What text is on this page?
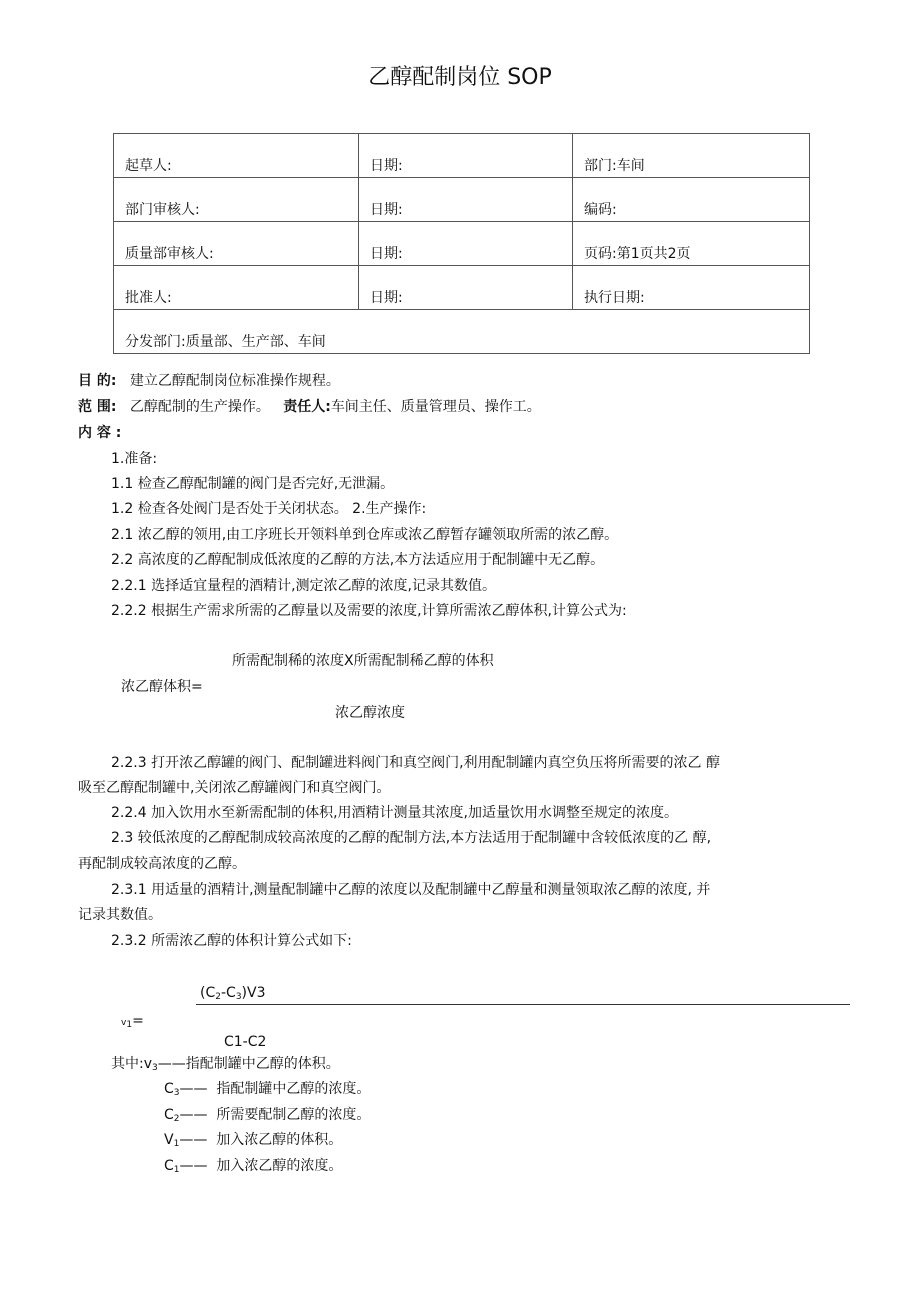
乙醇配制岗位 SOP
起草人:	日期:	部门:车间
部门审核人:	日期:	编码:
质量部审核人:	日期:	页码:第1页共2页
批准人:	日期:	执行日期:
分发部门:质量部、生产部、车间		
目 的: 建立乙醇配制岗位标准操作规程。
范 围: 乙醇配制的生产操作。 责任人:车间主任、质量管理员、操作工。
内 容 :
1.准备:
1.1 检查乙醇配制罐的阀门是否完好,无泄漏。
1.2 检查各处阀门是否处于关闭状态。 2.生产操作:
2.1 浓乙醇的领用,由工序班长开领料单到仓库或浓乙醇暂存罐领取所需的浓乙醇。
2.2 高浓度的乙醇配制成低浓度的乙醇的方法,本方法适应用于配制罐中无乙醇。
2.2.1 选择适宜量程的酒精计,测定浓乙醇的浓度,记录其数值。
2.2.2 根据生产需求所需的乙醇量以及需要的浓度,计算所需浓乙醇体积,计算公式为:
所需配制稀的浓度X所需配制稀乙醇的体积
浓乙醇体积=
浓乙醇浓度
2.2.3 打开浓乙醇罐的阀门、配制罐进料阀门和真空阀门,利用配制罐内真空负压将所需要的浓乙 醇
吸至乙醇配制罐中,关闭浓乙醇罐阀门和真空阀门。
2.2.4 加入饮用水至新需配制的体积,用酒精计测量其浓度,加适量饮用水调整至规定的浓度。
2.3 较低浓度的乙醇配制成较高浓度的乙醇的配制方法,本方法适用于配制罐中含较低浓度的乙 醇,
再配制成较高浓度的乙醇。
2.3.1 用适量的酒精计,测量配制罐中乙醇的浓度以及配制罐中乙醇量和测量领取浓乙醇的浓度, 并
记录其数值。
2.3.2 所需浓乙醇的体积计算公式如下:
$(C_2-C_3)V3$
$v_1=$
C1-C2
其中$:v_3——$指配制罐中乙醇的体积。
$C_3——$  指配制罐中乙醇的浓度。
$C_2——$  所需要配制乙醇的浓度。
$V_1——$  加入浓乙醇的体积。
$C_1——$  加入浓乙醇的浓度。
